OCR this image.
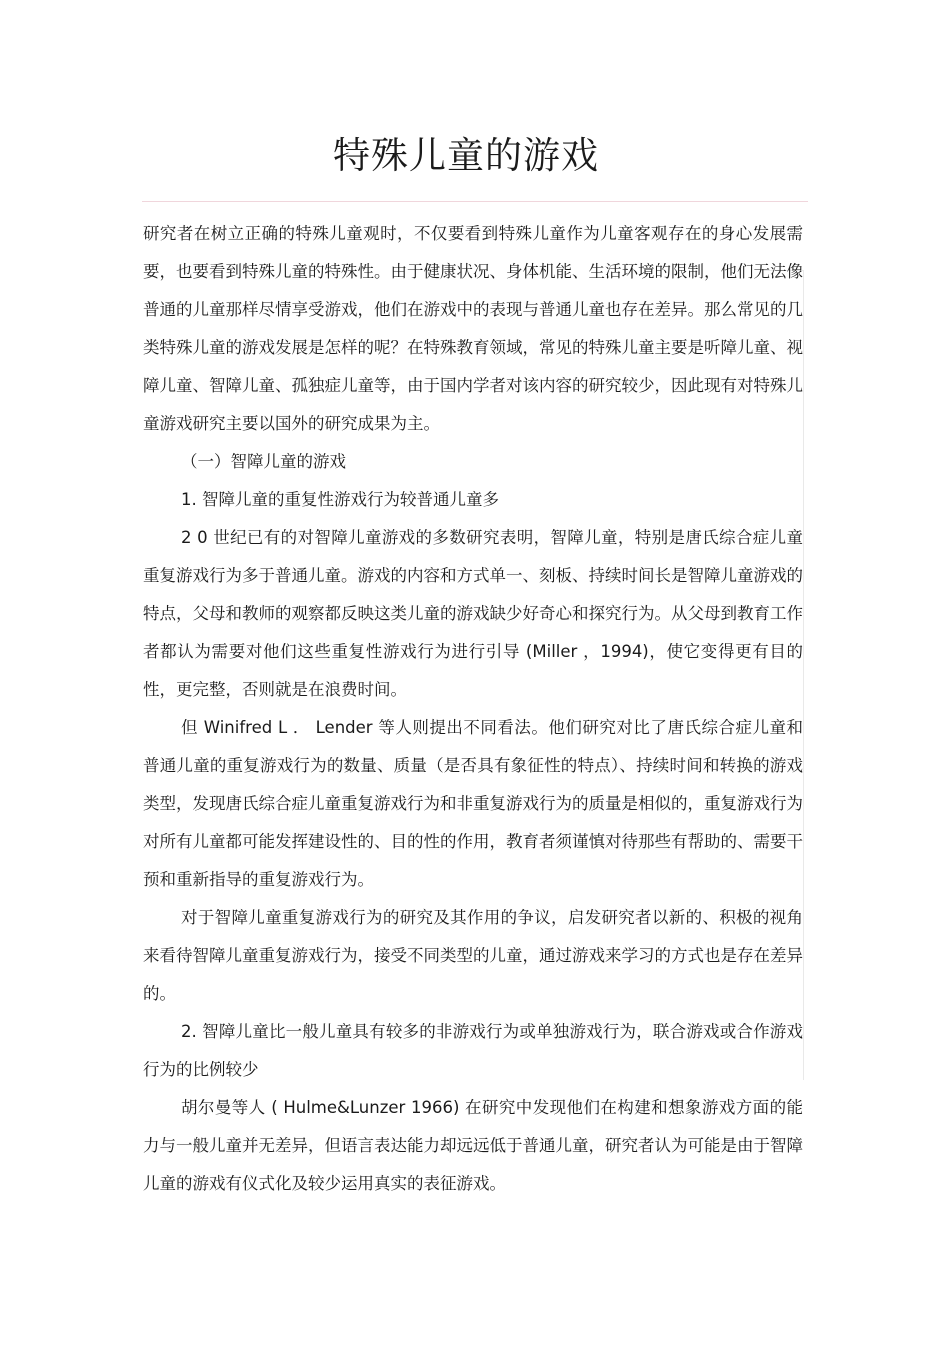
特殊儿童的游戏

研究者在树立正确的特殊儿童观时，不仅要看到特殊儿童作为儿童客观存在的身心发展需要，也要看到特殊儿童的特殊性。由于健康状况、身体机能、生活环境的限制，他们无法像普通的儿童那样尽情享受游戏，他们在游戏中的表现与普通儿童也存在差异。那么常见的几类特殊儿童的游戏发展是怎样的呢？在特殊教育领域，常见的特殊儿童主要是听障儿童、视障儿童、智障儿童、孤独症儿童等，由于国内学者对该内容的研究较少，因此现有对特殊儿童游戏研究主要以国外的研究成果为主。

（一）智障儿童的游戏

1. 智障儿童的重复性游戏行为较普通儿童多

2 0 世纪已有的对智障儿童游戏的多数研究表明，智障儿童，特别是唐氏综合症儿童重复游戏行为多于普通儿童。游戏的内容和方式单一、刻板、持续时间长是智障儿童游戏的特点，父母和教师的观察都反映这类儿童的游戏缺少好奇心和探究行为。从父母到教育工作者都认为需要对他们这些重复性游戏行为进行引导 (Miller ，1994)，使它变得更有目的性，更完整，否则就是在浪费时间。

但 Winifred L ． Lender 等人则提出不同看法。他们研究对比了唐氏综合症儿童和普通儿童的重复游戏行为的数量、质量（是否具有象征性的特点）、持续时间和转换的游戏类型，发现唐氏综合症儿童重复游戏行为和非重复游戏行为的质量是相似的，重复游戏行为对所有儿童都可能发挥建设性的、目的性的作用，教育者须谨慎对待那些有帮助的、需要干预和重新指导的重复游戏行为。

对于智障儿童重复游戏行为的研究及其作用的争议，启发研究者以新的、积极的视角来看待智障儿童重复游戏行为，接受不同类型的儿童，通过游戏来学习的方式也是存在差异的。

2. 智障儿童比一般儿童具有较多的非游戏行为或单独游戏行为，联合游戏或合作游戏行为的比例较少

胡尔曼等人 ( Hulme&Lunzer 1966) 在研究中发现他们在构建和想象游戏方面的能力与一般儿童并无差异，但语言表达能力却远远低于普通儿童，研究者认为可能是由于智障儿童的游戏有仪式化及较少运用真实的表征游戏。
